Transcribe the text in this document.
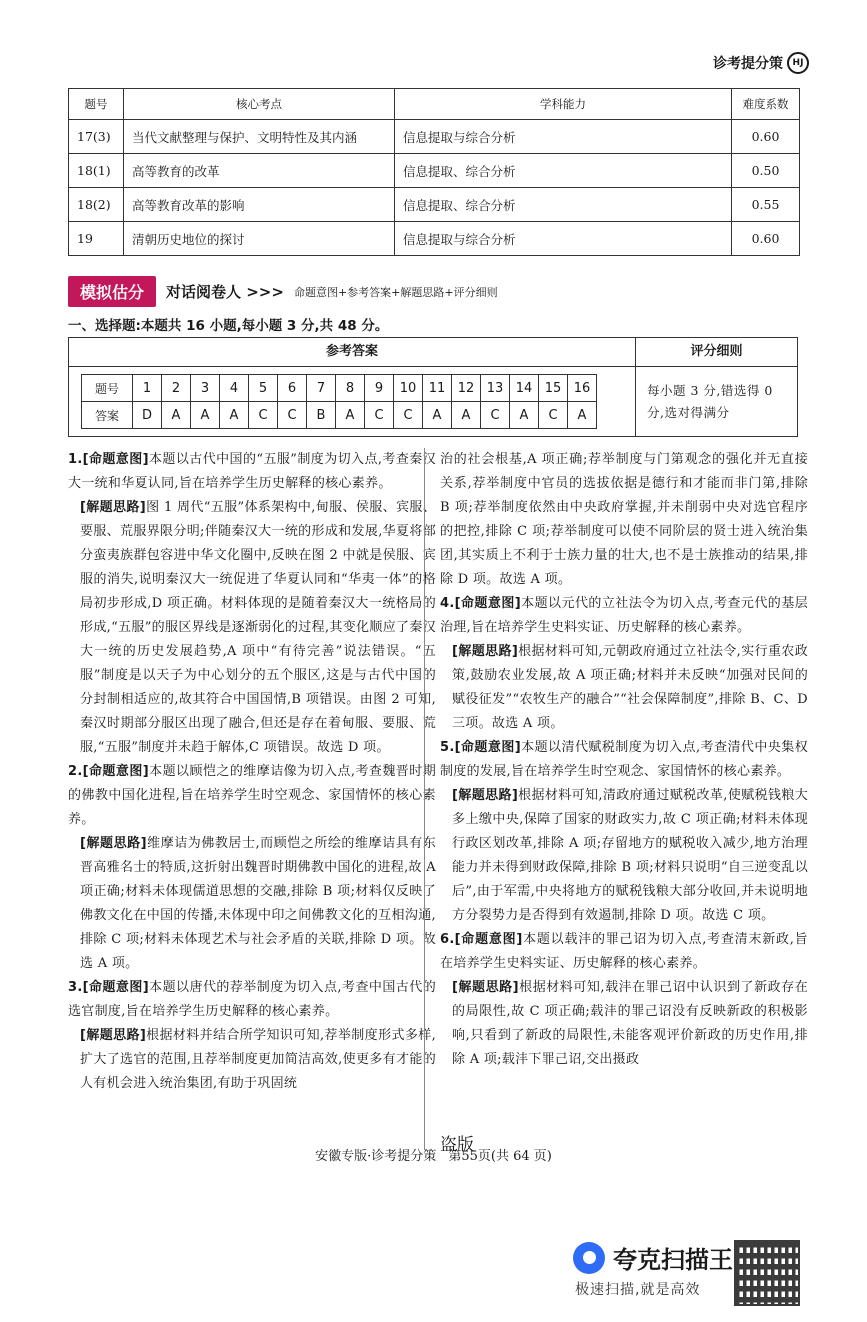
诊考提分策	HJ
题号	核心考点	学科能力	难度系数
17(3)	当代文献整理与保护、文明特性及其内涵	信息提取与综合分析	0.60
18(1)	高等教育的改革	信息提取、综合分析	0.50
18(2)	高等教育改革的影响	信息提取、综合分析	0.55
19	清朝历史地位的探讨	信息提取与综合分析	0.60
模拟估分	对话阅卷人 >>> 命题意图+参考答案+解题思路+评分细则
一、选择题:本题共 16 小题,每小题 3 分,共 48 分。
参考答案	评分细则
题号	1	2	3	4	5	6	7	8	9	10	11	12	13	14	15	16
答案	D	A	A	A	C	C	B	A	C	C	A	A	C	A	C	A
每小题 3 分,错选得 0 分,选对得满分

1.[命题意图]本题以古代中国的“五服”制度为切入点,考查秦汉大一统和华夏认同,旨在培养学生历史解释的核心素养。

[解题思路]图 1 周代“五服”体系架构中,甸服、侯服、宾服、要服、荒服界限分明;伴随秦汉大一统的形成和发展,华夏将部分蛮夷族群包容进中华文化圈中,反映在图 2 中就是侯服、宾服的消失,说明秦汉大一统促进了华夏认同和“华夷一体”的格局初步形成,D 项正确。材料体现的是随着秦汉大一统格局的形成,“五服”的服区界线是逐渐弱化的过程,其变化顺应了秦汉大一统的历史发展趋势,A 项中“有待完善”说法错误。“五服”制度是以天子为中心划分的五个服区,这是与古代中国的分封制相适应的,故其符合中国国情,B 项错误。由图 2 可知,秦汉时期部分服区出现了融合,但还是存在着甸服、要服、荒服,“五服”制度并未趋于解体,C 项错误。故选 D 项。

2.[命题意图]本题以顾恺之的维摩诘像为切入点,考查魏晋时期的佛教中国化进程,旨在培养学生时空观念、家国情怀的核心素养。

[解题思路]维摩诘为佛教居士,而顾恺之所绘的维摩诘具有东晋高雅名士的特质,这折射出魏晋时期佛教中国化的进程,故 A 项正确;材料未体现儒道思想的交融,排除 B 项;材料仅反映了佛教文化在中国的传播,未体现中印之间佛教文化的互相沟通,排除 C 项;材料未体现艺术与社会矛盾的关联,排除 D 项。故选 A 项。

3.[命题意图]本题以唐代的荐举制度为切入点,考查中国古代的选官制度,旨在培养学生历史解释的核心素养。

[解题思路]根据材料并结合所学知识可知,荐举制度形式多样,扩大了选官的范围,且荐举制度更加简洁高效,使更多有才能的人有机会进入统治集团,有助于巩固统

治的社会根基,A 项正确;荐举制度与门第观念的强化并无直接关系,荐举制度中官员的选拔依据是德行和才能而非门第,排除 B 项;荐举制度依然由中央政府掌握,并未削弱中央对选官程序的把控,排除 C 项;荐举制度可以使不同阶层的贤士进入统治集团,其实质上不利于士族力量的壮大,也不是士族推动的结果,排除 D 项。故选 A 项。

4.[命题意图]本题以元代的立社法令为切入点,考查元代的基层治理,旨在培养学生史料实证、历史解释的核心素养。

[解题思路]根据材料可知,元朝政府通过立社法令,实行重农政策,鼓励农业发展,故 A 项正确;材料并未反映“加强对民间的赋役征发”“农牧生产的融合”“社会保障制度”,排除 B、C、D 三项。故选 A 项。

5.[命题意图]本题以清代赋税制度为切入点,考查清代中央集权制度的发展,旨在培养学生时空观念、家国情怀的核心素养。

[解题思路]根据材料可知,清政府通过赋税改革,使赋税钱粮大多上缴中央,保障了国家的财政实力,故 C 项正确;材料未体现行政区划改革,排除 A 项;存留地方的赋税收入减少,地方治理能力并未得到财政保障,排除 B 项;材料只说明“自三逆变乱以后”,由于军需,中央将地方的赋税钱粮大部分收回,并未说明地方分裂势力是否得到有效遏制,排除 D 项。故选 C 项。

6.[命题意图]本题以载沣的罪己诏为切入点,考查清末新政,旨在培养学生史料实证、历史解释的核心素养。

[解题思路]根据材料可知,载沣在罪己诏中认识到了新政存在的局限性,故 C 项正确;载沣的罪己诏没有反映新政的积极影响,只看到了新政的局限性,未能客观评价新政的历史作用,排除 A 项;载沣下罪己诏,交出摄政

盗版
安徽专版·诊考提分策 第55页(共 64 页)
夸克扫描王
极速扫描,就是高效
